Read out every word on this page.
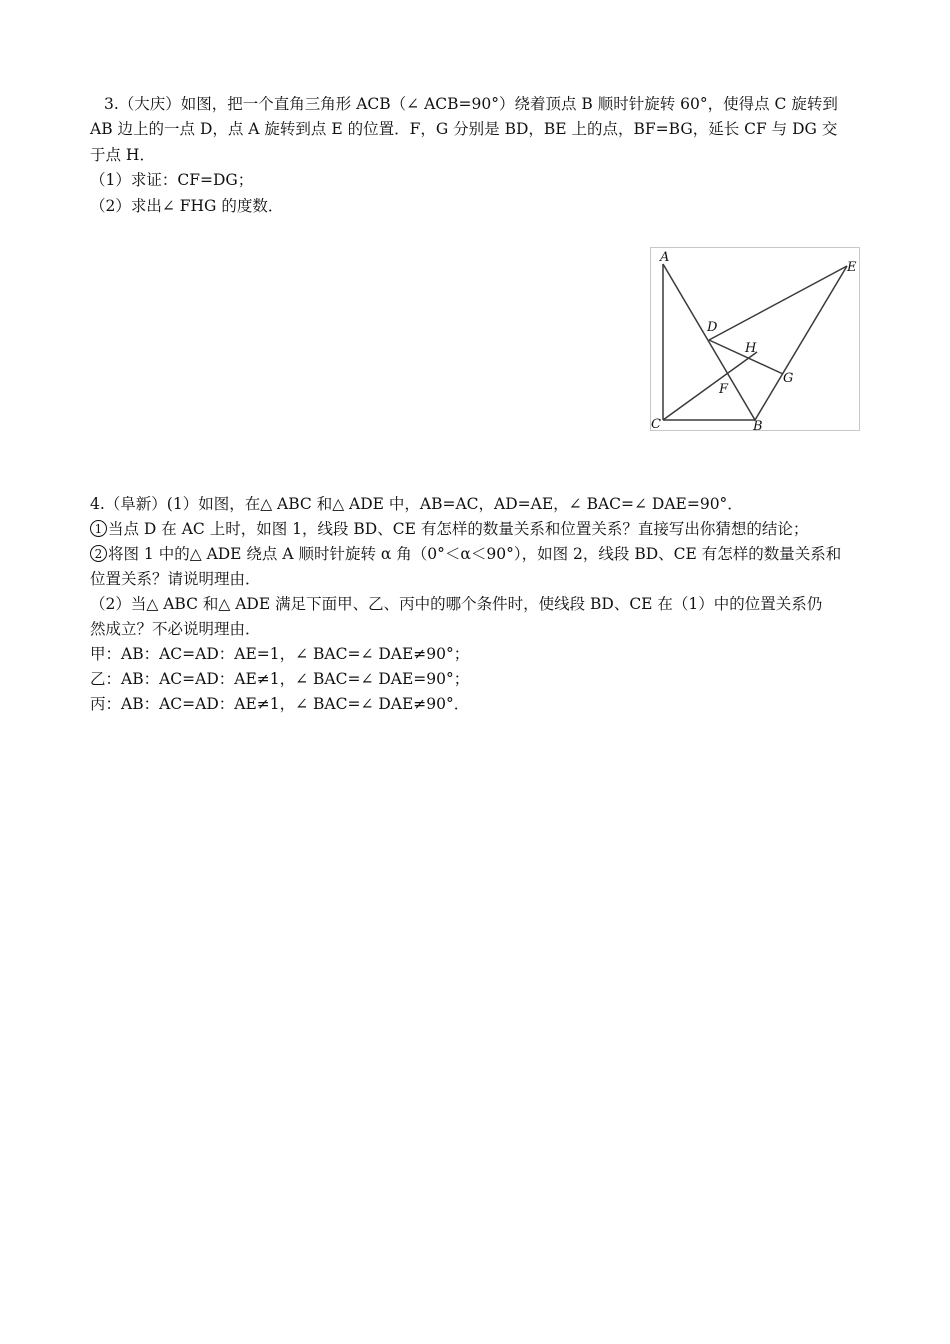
3.（大庆）如图，把一个直角三角形 ACB（∠ ACB=90°）绕着顶点 B 顺时针旋转 60°，使得点 C 旋转到
AB 边上的一点 D，点 A 旋转到点 E 的位置．F，G 分别是 BD，BE 上的点，BF=BG，延长 CF 与 DG 交
于点 H．
（1）求证：CF=DG；
（2）求出∠ FHG 的度数．
A
C	B
D
E
H
F
G
4.（阜新）(1）如图，在△ ABC 和△ ADE 中，AB=AC，AD=AE，∠ BAC=∠ DAE=90°．
1 当点 D 在 AC 上时，如图 1，线段 BD、CE 有怎样的数量关系和位置关系？直接写出你猜想的结论；
2 将图 1 中的△ ADE 绕点 A 顺时针旋转 α 角（0°＜α＜90°），如图 2，线段 BD、CE 有怎样的数量关系和
位置关系？请说明理由．
（2）当△ ABC 和△ ADE 满足下面甲、乙、丙中的哪个条件时，使线段 BD、CE 在（1）中的位置关系仍
然成立？不必说明理由．
甲：AB：AC=AD：AE=1，∠ BAC=∠ DAE≠90°；
乙：AB：AC=AD：AE≠1，∠ BAC=∠ DAE=90°；
丙：AB：AC=AD：AE≠1，∠ BAC=∠ DAE≠90°．
